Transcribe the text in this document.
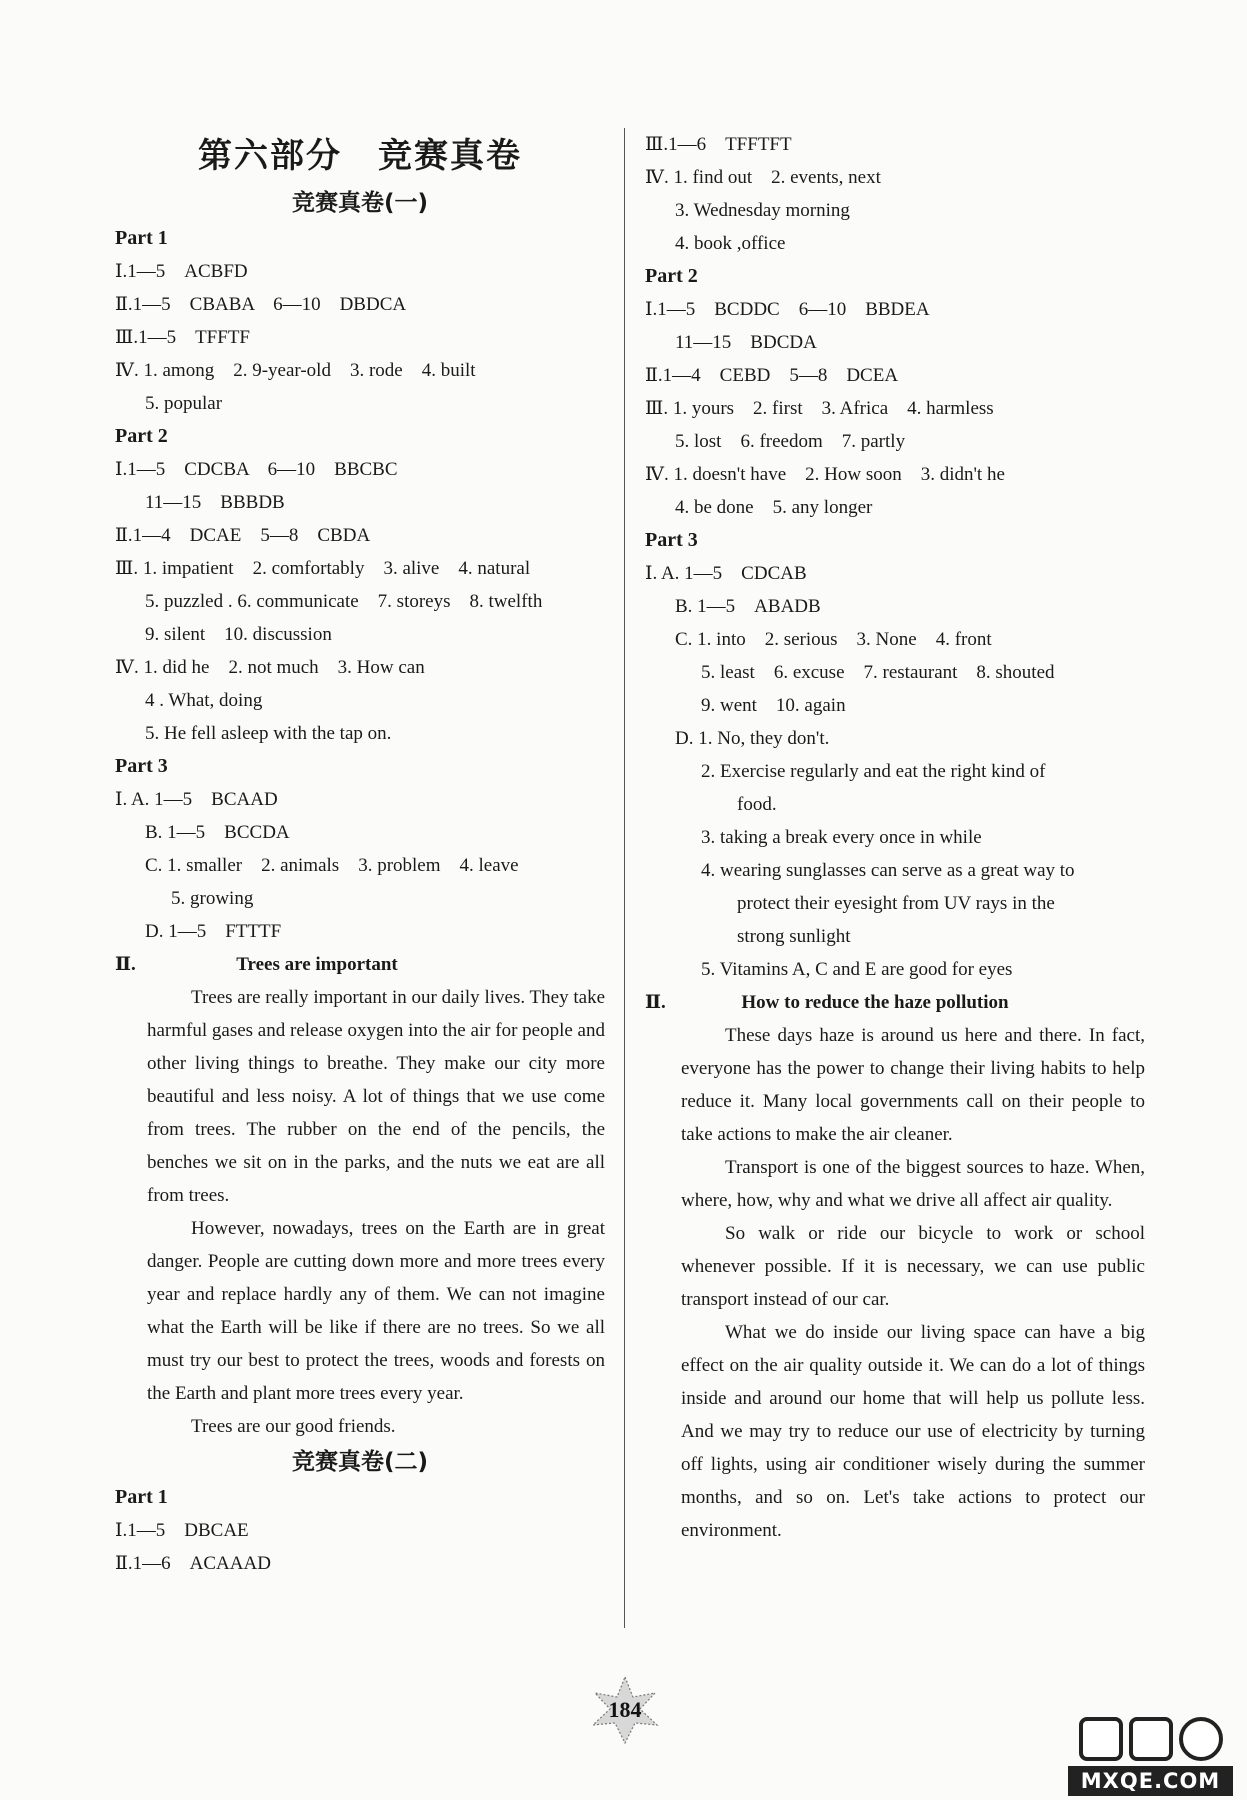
第六部分　竞赛真卷
竞赛真卷(一)
Part 1
Ⅰ.1—5　ACBFD
Ⅱ.1—5　CBABA　6—10　DBDCA
Ⅲ.1—5　TFFTF
Ⅳ. 1. among　2. 9-year-old　3. rode　4. built
5. popular
Part 2
Ⅰ.1—5　CDCBA　6—10　BBCBC
11—15　BBBDB
Ⅱ.1—4　DCAE　5—8　CBDA
Ⅲ. 1. impatient　2. comfortably　3. alive　4. natural
5. puzzled . 6. communicate　7. storeys　8. twelfth
9. silent　10. discussion
Ⅳ. 1. did he　2. not much　3. How can
4 . What, doing
5. He fell asleep with the tap on.
Part 3
Ⅰ. A. 1—5　BCAAD
B. 1—5　BCCDA
C. 1. smaller　2. animals　3. problem　4. leave
5. growing
D. 1—5　FTTTF
Ⅱ.	Trees are important

Trees are really important in our daily lives. They take harmful gases and release oxygen into the air for people and other living things to breathe. They make our city more beautiful and less noisy. A lot of things that we use come from trees. The rubber on the end of the pencils, the benches we sit on in the parks, and the nuts we eat are all from trees.

However, nowadays, trees on the Earth are in great danger. People are cutting down more and more trees every year and replace hardly any of them. We can not imagine what the Earth will be like if there are no trees. So we all must try our best to protect the trees, woods and forests on the Earth and plant more trees every year.

Trees are our good friends.

竞赛真卷(二)
Part 1
Ⅰ.1—5　DBCAE
Ⅱ.1—6　ACAAAD
Ⅲ.1—6　TFFTFT
Ⅳ. 1. find out　2. events, next
3. Wednesday morning
4. book ,office
Part 2
Ⅰ.1—5　BCDDC　6—10　BBDEA
11—15　BDCDA
Ⅱ.1—4　CEBD　5—8　DCEA
Ⅲ. 1. yours　2. first　3. Africa　4. harmless
5. lost　6. freedom　7. partly
Ⅳ. 1. doesn't have　2. How soon　3. didn't he
4. be done　5. any longer
Part 3
Ⅰ. A. 1—5　CDCAB
B. 1—5　ABADB
C. 1. into　2. serious　3. None　4. front
5. least　6. excuse　7. restaurant　8. shouted
9. went　10. again
D. 1. No, they don't.
2. Exercise regularly and eat the right kind of
food.
3. taking a break every once in while
4. wearing sunglasses can serve as a great way to
protect their eyesight from UV rays in the
strong sunlight
5. Vitamins A, C and E are good for eyes
Ⅱ.	How to reduce the haze pollution

These days haze is around us here and there. In fact, everyone has the power to change their living habits to help reduce it. Many local governments call on their people to take actions to make the air cleaner.

Transport is one of the biggest sources to haze. When, where, how, why and what we drive all affect air quality.

So walk or ride our bicycle to work or school whenever possible. If it is necessary, we can use public transport instead of our car.

What we do inside our living space can have a big effect on the air quality outside it. We can do a lot of things inside and around our home that will help us pollute less. And we may try to reduce our use of electricity by turning off lights, using air conditioner wisely during the summer months, and so on. Let's take actions to protect our environment.

184
MXQE.COM
